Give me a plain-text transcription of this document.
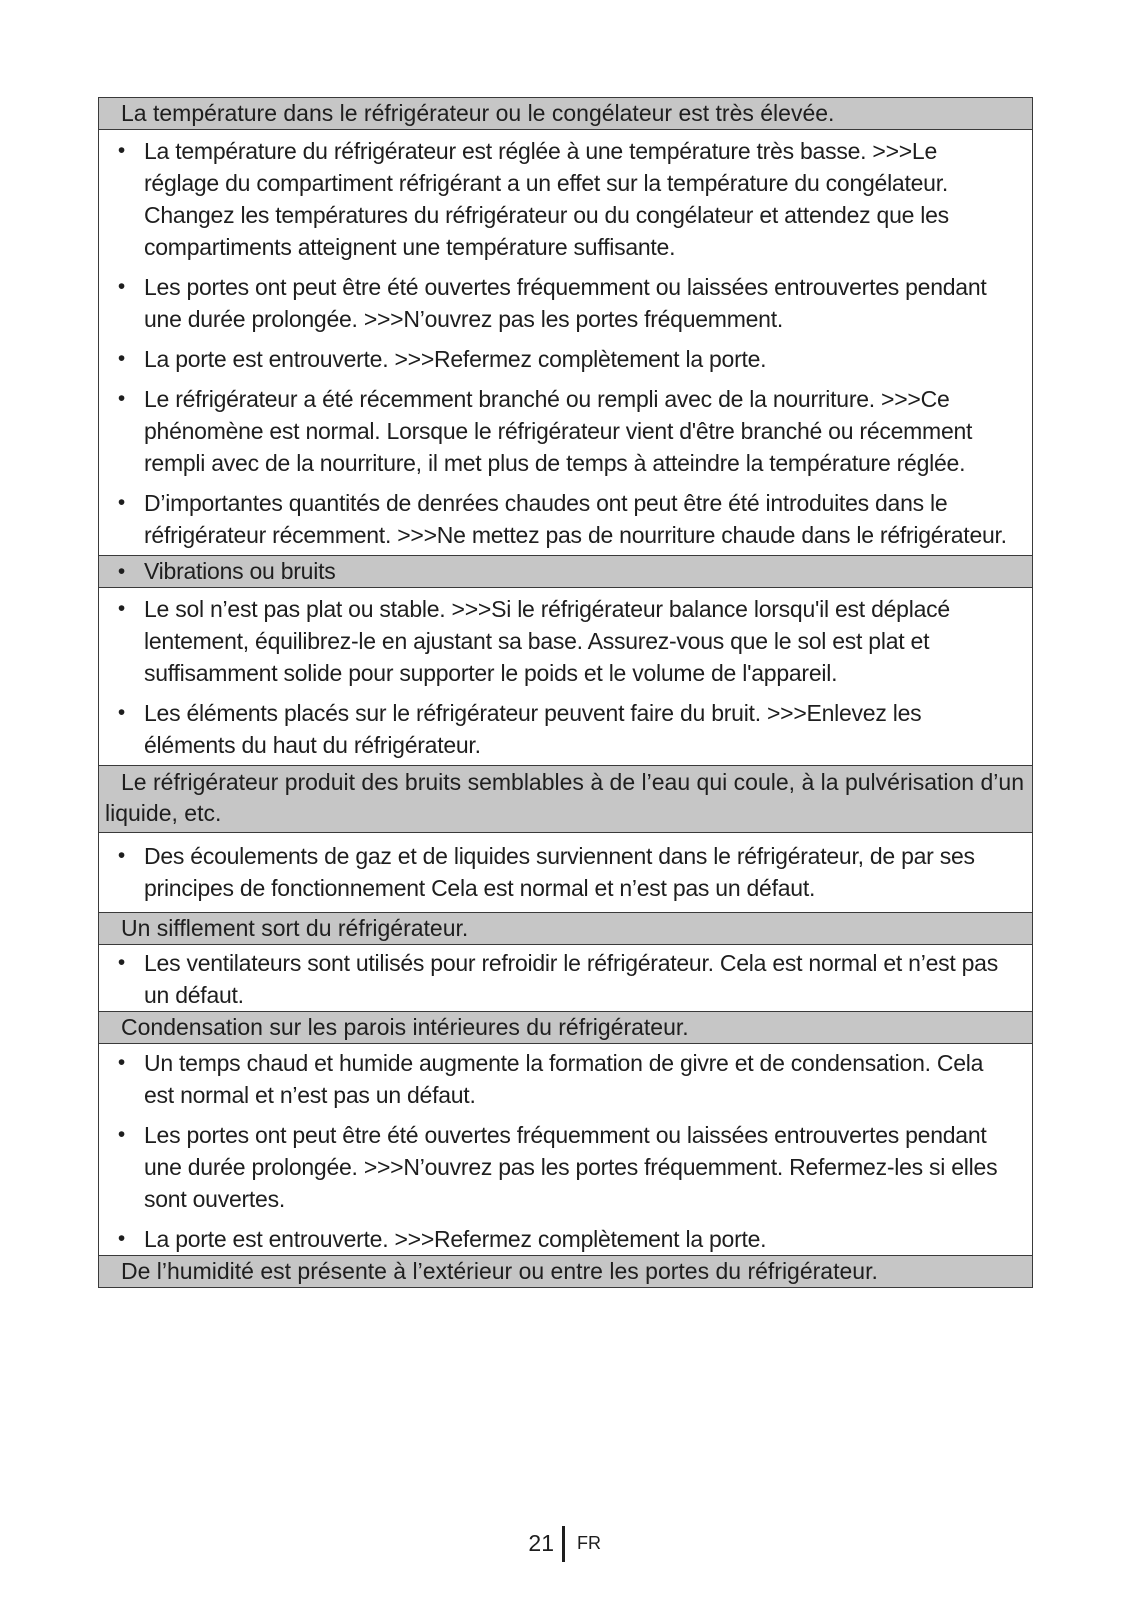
La température dans le réfrigérateur ou le congélateur est très élevée.
• La température du réfrigérateur est réglée à une température très basse. >>>Le réglage du compartiment réfrigérant a un effet sur la température du congélateur. Changez les températures du réfrigérateur ou du congélateur et attendez que les compartiments atteignent une température suffisante.
• Les portes ont peut être été ouvertes fréquemment ou laissées entrouvertes pendant une durée prolongée. >>>N’ouvrez pas les portes fréquemment.
• La porte est entrouverte. >>>Refermez complètement la porte.
• Le réfrigérateur a été récemment branché ou rempli avec de la nourriture. >>>Ce phénomène est normal. Lorsque le réfrigérateur vient d'être branché ou récemment rempli avec de la nourriture, il met plus de temps à atteindre la température réglée.
• D’importantes quantités de denrées chaudes ont peut être été introduites dans le réfrigérateur récemment. >>>Ne mettez pas de nourriture chaude dans le réfrigérateur.
• Vibrations ou bruits
• Le sol n’est pas plat ou stable. >>>Si le réfrigérateur balance lorsqu'il est déplacé lentement, équilibrez-le en ajustant sa base. Assurez-vous que le sol est plat et suffisamment solide pour supporter le poids et le volume de l'appareil.
• Les éléments placés sur le réfrigérateur peuvent faire du bruit. >>>Enlevez les éléments du haut du réfrigérateur.
Le réfrigérateur produit des bruits semblables à de l’eau qui coule, à la pulvérisation d’un liquide, etc.
• Des écoulements de gaz et de liquides surviennent dans le réfrigérateur, de par ses principes de fonctionnement Cela est normal et n’est pas un défaut.
Un sifflement sort du réfrigérateur.
• Les ventilateurs sont utilisés pour refroidir le réfrigérateur. Cela est normal et n’est pas un défaut.
Condensation sur les parois intérieures du réfrigérateur.
• Un temps chaud et humide augmente la formation de givre et de condensation. Cela est normal et n’est pas un défaut.
• Les portes ont peut être été ouvertes fréquemment ou laissées entrouvertes pendant une durée prolongée. >>>N’ouvrez pas les portes fréquemment. Refermez-les si elles sont ouvertes.
• La porte est entrouverte. >>>Refermez complètement la porte.
De l’humidité est présente à l’extérieur ou entre les portes du réfrigérateur.
21 FR
